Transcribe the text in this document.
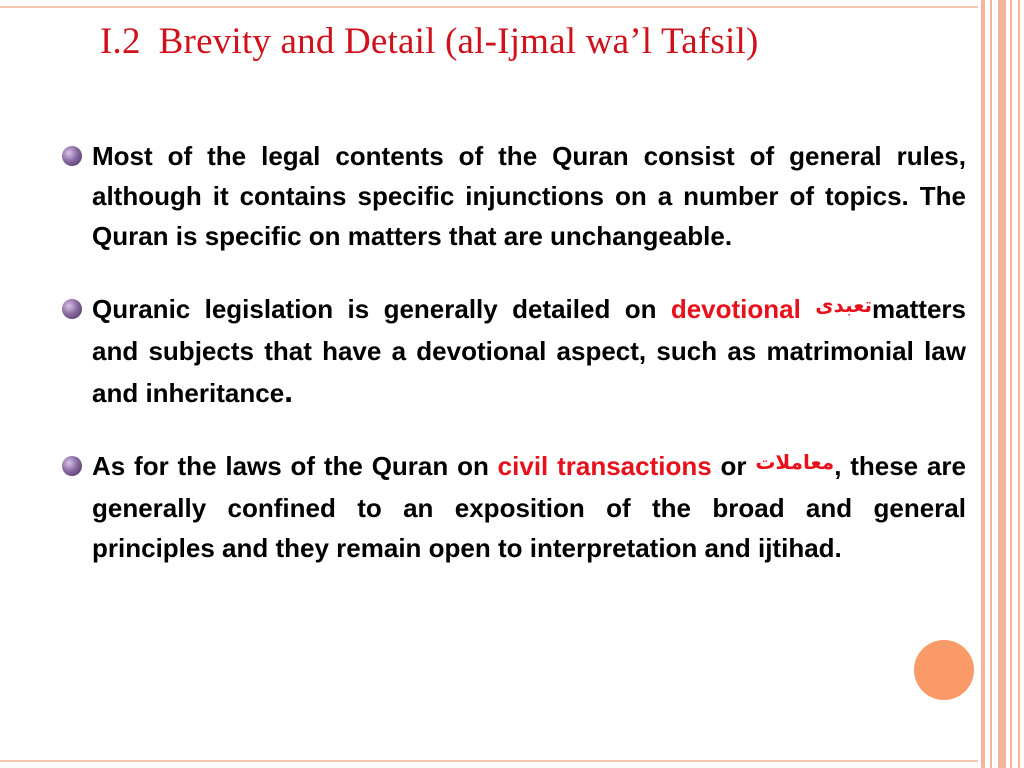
I.2 Brevity and Detail (al-Ijmal wa’l Tafsil)

Most of the legal contents of the Quran consist of general rules, although it contains specific injunctions on a number of topics. The Quran is specific on matters that are unchangeable.

Quranic legislation is generally detailed on devotional $^{تعبدى}$matters and subjects that have a devotional aspect, such as matrimonial law and inheritance.

As for the laws of the Quran on civil transactions or $^{معاملات}$, these are generally confined to an exposition of the broad and general principles and they remain open to interpretation and ijtihad.
